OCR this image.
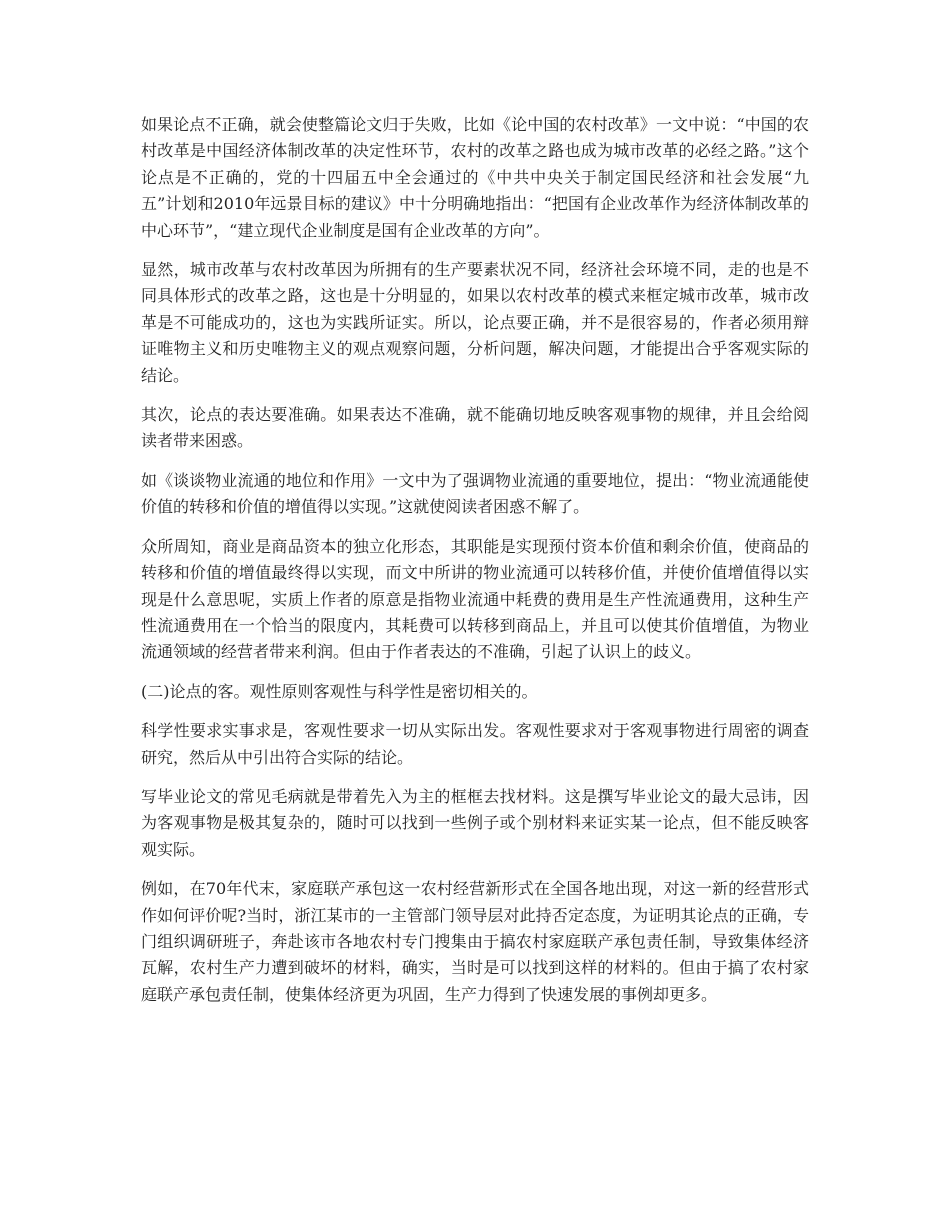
如果论点不正确，就会使整篇论文归于失败，比如《论中国的农村改革》一文中说：“中国的农村改革是中国经济体制改革的决定性环节，农村的改革之路也成为城市改革的必经之路。”这个论点是不正确的，党的十四届五中全会通过的《中共中央关于制定国民经济和社会发展“九五”计划和2010年远景目标的建议》中十分明确地指出：“把国有企业改革作为经济体制改革的中心环节”，“建立现代企业制度是国有企业改革的方向”。

显然，城市改革与农村改革因为所拥有的生产要素状况不同，经济社会环境不同，走的也是不同具体形式的改革之路，这也是十分明显的，如果以农村改革的模式来框定城市改革，城市改革是不可能成功的，这也为实践所证实。所以，论点要正确，并不是很容易的，作者必须用辩证唯物主义和历史唯物主义的观点观察问题，分析问题，解决问题，才能提出合乎客观实际的结论。

其次，论点的表达要准确。如果表达不准确，就不能确切地反映客观事物的规律，并且会给阅读者带来困惑。

如《谈谈物业流通的地位和作用》一文中为了强调物业流通的重要地位，提出：“物业流通能使价值的转移和价值的增值得以实现。”这就使阅读者困惑不解了。

众所周知，商业是商品资本的独立化形态，其职能是实现预付资本价值和剩余价值，使商品的转移和价值的增值最终得以实现，而文中所讲的物业流通可以转移价值，并使价值增值得以实现是什么意思呢，实质上作者的原意是指物业流通中耗费的费用是生产性流通费用，这种生产性流通费用在一个恰当的限度内，其耗费可以转移到商品上，并且可以使其价值增值，为物业流通领域的经营者带来利润。但由于作者表达的不准确，引起了认识上的歧义。

(二)论点的客。观性原则客观性与科学性是密切相关的。

科学性要求实事求是，客观性要求一切从实际出发。客观性要求对于客观事物进行周密的调查研究，然后从中引出符合实际的结论。

写毕业论文的常见毛病就是带着先入为主的框框去找材料。这是撰写毕业论文的最大忌讳，因为客观事物是极其复杂的，随时可以找到一些例子或个别材料来证实某一论点，但不能反映客观实际。

例如，在70年代末，家庭联产承包这一农村经营新形式在全国各地出现，对这一新的经营形式作如何评价呢?当时，浙江某市的一主管部门领导层对此持否定态度，为证明其论点的正确，专门组织调研班子，奔赴该市各地农村专门搜集由于搞农村家庭联产承包责任制，导致集体经济瓦解，农村生产力遭到破坏的材料，确实，当时是可以找到这样的材料的。但由于搞了农村家庭联产承包责任制，使集体经济更为巩固，生产力得到了快速发展的事例却更多。
